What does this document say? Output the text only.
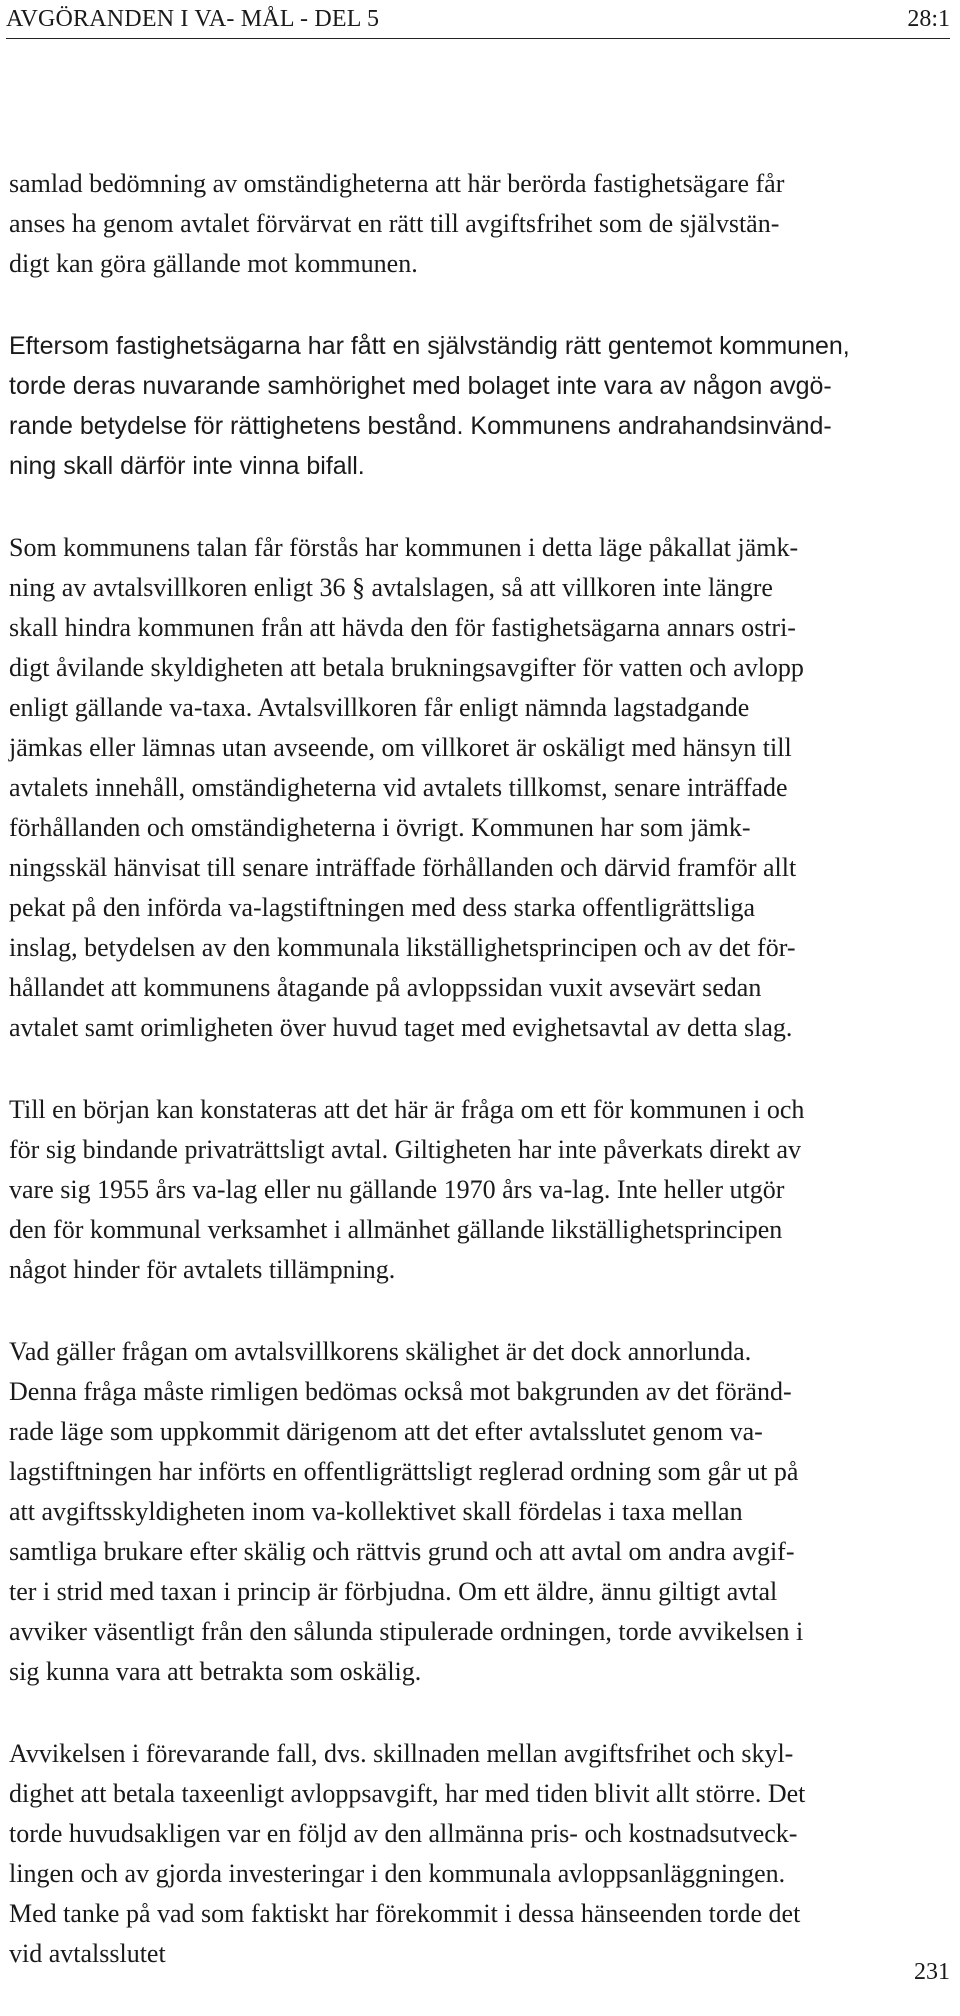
AVGÖRANDEN I VA- MÅL - DEL 5	28:1

samlad bedömning av omständigheterna att här berörda fastighetsägare får
anses ha genom avtalet förvärvat en rätt till avgiftsfrihet som de självstän-
digt kan göra gällande mot kommunen.

Eftersom fastighetsägarna har fått en självständig rätt gentemot kommunen,
torde deras nuvarande samhörighet med bolaget inte vara av någon avgö-
rande betydelse för rättighetens bestånd. Kommunens andrahandsinvänd-
ning skall därför inte vinna bifall.

Som kommunens talan får förstås har kommunen i detta läge påkallat jämk-
ning av avtalsvillkoren enligt 36 § avtalslagen, så att villkoren inte längre
skall hindra kommunen från att hävda den för fastighetsägarna annars ostri-
digt åvilande skyldigheten att betala brukningsavgifter för vatten och avlopp
enligt gällande va-taxa. Avtalsvillkoren får enligt nämnda lagstadgande
jämkas eller lämnas utan avseende, om villkoret är oskäligt med hänsyn till
avtalets innehåll, omständigheterna vid avtalets tillkomst, senare inträffade
förhållanden och omständigheterna i övrigt. Kommunen har som jämk-
ningsskäl hänvisat till senare inträffade förhållanden och därvid framför allt
pekat på den införda va-lagstiftningen med dess starka offentligrättsliga
inslag, betydelsen av den kommunala likställighetsprincipen och av det för-
hållandet att kommunens åtagande på avloppssidan vuxit avsevärt sedan
avtalet samt orimligheten över huvud taget med evighetsavtal av detta slag.

Till en början kan konstateras att det här är fråga om ett för kommunen i och
för sig bindande privaträttsligt avtal. Giltigheten har inte påverkats direkt av
vare sig 1955 års va-lag eller nu gällande 1970 års va-lag. Inte heller utgör
den för kommunal verksamhet i allmänhet gällande likställighetsprincipen
något hinder för avtalets tillämpning.

Vad gäller frågan om avtalsvillkorens skälighet är det dock annorlunda.
Denna fråga måste rimligen bedömas också mot bakgrunden av det föränd-
rade läge som uppkommit därigenom att det efter avtalsslutet genom va-
lagstiftningen har införts en offentligrättsligt reglerad ordning som går ut på
att avgiftsskyldigheten inom va-kollektivet skall fördelas i taxa mellan
samtliga brukare efter skälig och rättvis grund och att avtal om andra avgif-
ter i strid med taxan i princip är förbjudna. Om ett äldre, ännu giltigt avtal
avviker väsentligt från den sålunda stipulerade ordningen, torde avvikelsen i
sig kunna vara att betrakta som oskälig.

Avvikelsen i förevarande fall, dvs. skillnaden mellan avgiftsfrihet och skyl-
dighet att betala taxeenligt avloppsavgift, har med tiden blivit allt större. Det
torde huvudsakligen var en följd av den allmänna pris- och kostnadsutveck-
lingen och av gjorda investeringar i den kommunala avloppsanläggningen.
Med tanke på vad som faktiskt har förekommit i dessa hänseenden torde det
vid avtalsslutet

231
